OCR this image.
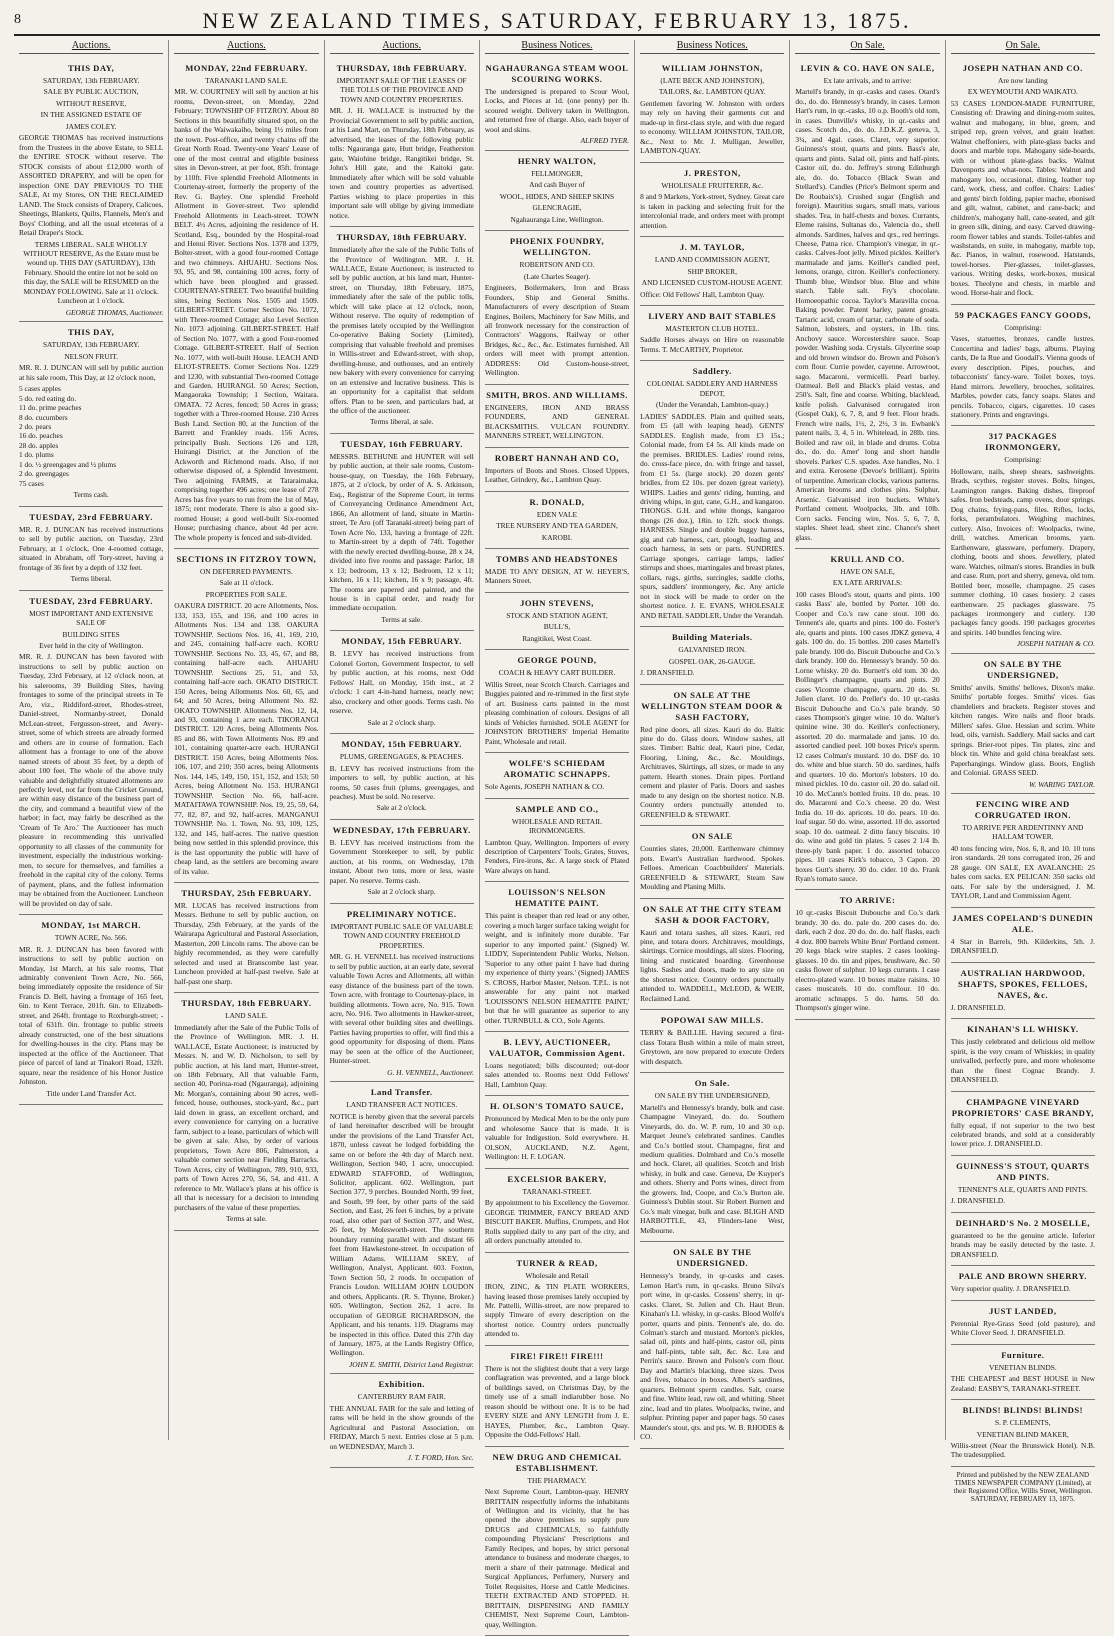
8	NEW ZEALAND TIMES, SATURDAY, FEBRUARY 13, 1875.
Auctions.
THIS DAY,
SATURDAY, 13th FEBRUARY.
SALE BY PUBLIC AUCTION,
WITHOUT RESERVE,
IN THE ASSIGNED ESTATE OF
JAMES COLEY.

GEORGE THOMAS has received instructions from the Trustees in the above Estate, to SELL the ENTIRE STOCK without reserve. The STOCK consists of about £12,000 worth of ASSORTED DRAPERY, and will be open for inspection ONE DAY PREVIOUS TO THE SALE, At my Stores, ON THE RECLAIMED LAND. The Stock consists of Drapery, Calicoes, Sheetings, Blankets, Quilts, Flannels, Men's and Boys' Clothing, and all the usual etceteras of a Retail Draper's Stock.

TERMS LIBERAL. SALE WHOLLY WITHOUT RESERVE, As the Estate must be wound up. THIS DAY (SATURDAY), 13th February. Should the entire lot not be sold on this day, the SALE will be RESUMED on the MONDAY FOLLOWING. Sale at 11 o'clock. Luncheon at 1 o'clock.

GEORGE THOMAS, Auctioneer.
THIS DAY,
SATURDAY, 13th FEBRUARY.
NELSON FRUIT.

MR. R. J. DUNCAN will sell by public auction at his sale room, This Day, at 12 o'clock noon,

5 cases apples
5 do. red eating do.
11 do. prime peaches
8 do. cucumbers
2 do. pears
16 do. peaches
28 do. apples
1 do. plums
1 do. ½ greengages and ½ plums
2 do. greengages
75 cases

Terms cash.

TUESDAY, 23rd FEBRUARY.

MR. R. J. DUNCAN has received instructions to sell by public auction, on Tuesday, 23rd February, at 1 o'clock, One 4-roomed cottage, situated in Abraham, off Tory-street, having a frontage of 36 feet by a depth of 132 feet.

Terms liberal.

TUESDAY, 23rd FEBRUARY.
MOST IMPORTANT AND EXTENSIVE SALE OF
BUILDING SITES
Ever held in the city of Wellington.

MR. R. J. DUNCAN has been favored with instructions to sell by public auction on Tuesday, 23rd February, at 12 o'clock noon, at his salerooms, 39 Building Sites, having frontages to some of the principal streets in Te Aro, viz., Riddiford-street, Rhodes-street, Daniel-street, Normanby-street, Donald McLean-street, Fergusson-street, and Avery-street, some of which streets are already formed and others are in course of formation. Each allotment has a frontage to one of the above named streets of about 35 feet, by a depth of about 100 feet. The whole of the above truly valuable and delightfully situated allotments are perfectly level, not far from the Cricket Ground, are within easy distance of the business part of the city, and command a beautiful view of the harbor; in fact, may fairly be described as the 'Cream of Te Aro.' The Auctioneer has much pleasure in recommending this unrivalled opportunity to all classes of the community for investment, especially the industrious working-men, to secure for themselves, and families a freehold in the capital city of the colony. Terms of payment, plans, and the fullest information may be obtained from the Auctioneer. Luncheon will be provided on day of sale.

MONDAY, 1st MARCH.
TOWN ACRE, No. 566.

MR. R. J. DUNCAN has been favored with instructions to sell by public auction on Monday, 1st March, at his sale rooms, That admirably convenient Town Acre, No. 566, being immediately opposite the residence of Sir Francis D. Bell, having a frontage of 165 feet, 6in. to Kent Terrace, 201ft. 6in. to Elizabeth-street, and 264ft. frontage to Roxburgh-street; - total of 631ft. 0in. frontage to public streets already constructed, one of the best situations for dwelling-houses in the city. Plans may be inspected at the office of the Auctioneer. That piece of parcel of land at Tinakori Road, 132ft. square, near the residence of his Honor Justice Johnston.

Title under Land Transfer Act.

Auctions.
MONDAY, 22nd FEBRUARY.
TARANAKI LAND SALE.

MR. W. COURTNEY will sell by auction at his rooms, Devon-street, on Monday, 22nd February: TOWNSHIP OF FITZROY. About 80 Sections in this beautifully situated spot, on the banks of the Waiwakaiho, being 1½ miles from the town. Post-office, and twenty chains off the Great North Road. Twenty-one Years' Lease of one of the most central and eligible business sites in Devon-street, at per foot, 85ft. frontage by 110ft. Five splendid Freehold Allotments in Courtenay-street, formerly the property of the Rev. G. Bayley. One splendid Freehold Allotment in Gover-street. Two splendid Freehold Allotments in Leach-street. TOWN BELT. 4½ Acres, adjoining the residence of H. Scotland, Esq., bounded by the Hospital-road and Henui River. Sections Nos. 1378 and 1379, Bolter-street, with a good four-roomed Cottage and two chimneys. AHUAHU. Sections Nos. 93, 95, and 98, containing 100 acres, forty of which have been ploughed and grassed. COURTENAY-STREET. Two beautiful building sites, being Sections Nos. 1505 and 1509. GILBERT-STREET. Corner Section No. 1072, with Three-roomed Cottage; also Level Section No. 1073 adjoining. GILBERT-STREET. Half of Section No. 1077, with a good Four-roomed Cottage. GILBERT-STREET. Half of Section No. 1077, with well-built House. LEACH AND ELIOT-STREETS. Corner Sections Nos. 1229 and 1230, with substantial Two-roomed Cottage and Garden. HUIRANGI. 50 Acres; Section, Mangaoraka Township; 1 Section, Waitara. OMATA. 72 Acres, fenced; 50 Acres in grass; together with a Three-roomed House. 210 Acres Bush Land. Section 80, at the Junction of the Barrett and Frankley roads. 156 Acres, principally Bush. Sections 126 and 128, Huirangi District, at the Junction of the Ackworth and Richmond roads. Also, if not otherwise disposed of, a Splendid Investment. Two adjoining FARMS, at Tataraimaka, comprising together 496 acres; one lease of 278 Acres has five years to run from the 1st of May, 1875; rent moderate. There is also a good six-roomed House; a good well-built Six-roomed House; purchasing chance, about 4d per acre. The whole property is fenced and sub-divided.

SECTIONS IN FITZROY TOWN,
ON DEFERRED PAYMENTS.
Sale at 11 o'clock.
PROPERTIES FOR SALE.

OAKURA DISTRICT. 20 acre Allotments, Nos. 133, 153, 155, and 156, and 100 acres in Allotments Nos. 134 and 138. OAKURA TOWNSHIP. Sections Nos. 16, 41, 169, 210, and 245, containing half-acre each. KORU TOWNSHIP. Sections No. 33, 45, 67, and 88, containing half-acre each. AHUAHU TOWNSHIP. Sections 25, 51, and 53, containing half-acre each. OKATO DISTRICT. 150 Acres, being Allotments Nos. 60, 65, and 64; and 50 Acres, being Allotment No. 82. OKATO TOWNSHIP. Allotments Nos. 12, 14, and 93, containing 1 acre each. TIKORANGI DISTRICT. 120 Acres, being Allotments Nos. 85 and 86, with Town Allotments Nos. 89 and 101, containing quarter-acre each. HURANGI DISTRICT. 150 Acres, being Allotments Nos. 106, 107, and 210; 350 acres, being Allotments Nos. 144, 145, 149, 150, 151, 152, and 153; 50 Acres, being Allotment No. 153. HURANGI TOWNSHIP. Section No. 66, half-acre. MATAITAWA TOWNSHIP. Nos. 19, 25, 59, 64, 77, 82, 87, and 92, half-acres. MANGANUI TOWNSHIP. No. 1. Town, No. 93, 109, 125, 132, and 145, half-acres. The native question being now settled in this splendid province, this is the last opportunity the public will have of cheap land, as the settlers are becoming aware of its value.

THURSDAY, 25th FEBRUARY.

MR. LUCAS has received instructions from Messrs. Bethune to sell by public auction, on Thursday, 25th February, at the yards of the Wairarapa Agricultural and Pastoral Association, Masterton, 200 Lincoln rams. The above can be highly recommended, as they were carefully selected and used at Branscombe last year. Luncheon provided at half-past twelve. Sale at half-past one sharp.

THURSDAY, 18th FEBRUARY.
LAND SALE.

Immediately after the Sale of the Public Tolls of the Province of Wellington. MR. J. H. WALLACE, Estate Auctioneer, is instructed by Messrs. N. and W. D. Nicholson, to sell by public auction, at his land mart, Hunter-street, on 18th February, All that valuable Farm, section 40, Porirua-road (Ngauranga), adjoining Mr. Morgan's, containing about 90 acres, well-fenced, house, outhouses, stock-yard, &c., part laid down in grass, an excellent orchard, and every convenience for carrying on a lucrative farm, subject to a lease, particulars of which will be given at sale. Also, by order of various proprietors, Town Acre 806, Palmerston, a valuable corner section near Fielding Barracks. Town Acres, city of Wellington, 789, 910, 933, parts of Town Acres 270, 56, 54, and 411. A reference to Mr. Wallace's plans at his office is all that is necessary for a decision to intending purchasers of the value of these properties.

Terms at sale.

Auctions.
THURSDAY, 18th FEBRUARY.
IMPORTANT SALE OF THE LEASES OF THE TOLLS OF THE PROVINCE AND TOWN AND COUNTRY PROPERTIES.

MR. J. H. WALLACE is instructed by the Provincial Government to sell by public auction, at his Land Mart, on Thursday, 18th February, as advertised, the leases of the following public tolls: Ngauranga gate, Hutt bridge, Featherston gate, Waiohine bridge, Rangitikei bridge, St. John's Hill gate, and the Kaitoki gate. Immediately after which will be sold valuable town and country properties as advertised. Parties wishing to place properties in this important sale will oblige by giving immediate notice.

THURSDAY, 18th FEBRUARY.

Immediately after the sale of the Public Tolls of the Province of Wellington. MR. J. H. WALLACE, Estate Auctioneer, is instructed to sell by public auction, at his land mart, Hunter-street, on Thursday, 18th February, 1875, immediately after the sale of the public tolls, which will take place at 12 o'clock, noon, Without reserve. The equity of redemption of the premises lately occupied by the Wellington Co-operative Baking Society (Limited), comprising that valuable freehold and premises in Willis-street and Edward-street, with shop, dwelling-house, and outhouses, and an entirely new bakery with every convenience for carrying on an extensive and lucrative business. This is an opportunity for a capitalist that seldom offers. Plan to be seen, and particulars had, at the office of the auctioneer.

Terms liberal, at sale.

TUESDAY, 16th FEBRUARY.

MESSRS. BETHUNE and HUNTER will sell by public auction, at their sale rooms, Custom-house-quay, on Tuesday, the 16th February, 1875, at 2 o'clock, by order of A. S. Atkinson, Esq., Registrar of the Supreme Court, in terms of Conveyancing Ordinance Amendment Act, 1866, An allotment of land, situate in Martin-street, Te Aro (off Taranaki-street) being part of Town Acre No. 133, having a frontage of 22ft. to Martin-street by a depth of 74ft. Together with the newly erected dwelling-house, 28 x 24, divided into five rooms and passage: Parlor, 18 x 13; bedroom, 13 x 12; Bedroom, 12 x 11; kitchen, 16 x 11; kitchen, 16 x 9; passage, 4ft. The rooms are papered and painted, and the house is in capital order, and ready for immediate occupation.

Terms at sale.

MONDAY, 15th FEBRUARY.

B. LEVY has received instructions from Colonel Gorton, Government Inspector, to sell by public auction, at his rooms, next Odd Fellows' Hall, on Monday, 15th inst., at 2 o'clock: 1 cart 4-in-hand harness, nearly new; also, crockery and other goods. Terms cash. No reserve.

Sale at 2 o'clock sharp.

MONDAY, 15th FEBRUARY.
PLUMS, GREENGAGES, & PEACHES.

B. LEVY has received instructions from the importers to sell, by public auction, at his rooms, 50 cases fruit (plums, greengages, and peaches). Must be sold. No reserve.

Sale at 2 o'clock.

WEDNESDAY, 17th FEBRUARY.

B. LEVY has received instructions from the Government Storekeeper to sell, by public auction, at his rooms, on Wednesday, 17th instant, About two tons, more or less, waste paper. No reserve. Terms cash.

Sale at 2 o'clock sharp.

PRELIMINARY NOTICE.
IMPORTANT PUBLIC SALE OF VALUABLE TOWN AND COUNTRY FREEHOLD PROPERTIES.

MR. G. H. VENNELL has received instructions to sell by public auction, at an early date, several valuable Town Acres and Allotments, all within easy distance of the business part of the town. Town acre, with frontage to Courtenay-place, in building allotments. Town acre, No. 915. Town acre, No. 916. Two allotments in Hawker-street, with several other building sites and dwellings. Parties having properties to offer, will find this a good opportunity for disposing of them. Plans may be seen at the office of the Auctioneer, Hunter-street.

G. H. VENNELL, Auctioneer.
Land Transfer.
LAND TRANSFER ACT NOTICES.

NOTICE is hereby given that the several parcels of land hereinafter described will be brought under the provisions of the Land Transfer Act, 1870, unless caveat be lodged forbidding the same on or before the 4th day of March next. Wellington, Section 940, 1 acre, unoccupied. EDWARD STAFFORD, of Wellington, Solicitor, applicant. 602. Wellington, part Section 377, 9 perches. Bounded North, 99 feet, and South, 99 feet, by other parts of the said Section, and East, 26 feet 6 inches, by a private road, also other part of Section 377, and West, 26 feet, by Molesworth-street. The southern boundary running parallel with and distant 66 feet from Hawkestone-street. In occupation of William Adams. WILLIAM SKEY, of Wellington, Analyst, Applicant. 603. Foxton, Town Section 50, 2 roods. In occupation of Francis Loudon. WILLIAM JOHN LOUDON and others, Applicants. (R. S. Thynne, Broker.) 605. Wellington, Section 262, 1 acre. In occupation of GEORGE RICHARDSON, the Applicant, and his tenants. 119. Diagrams may be inspected in this office. Dated this 27th day of January, 1875, at the Lands Registry Office, Wellington.

JOHN E. SMITH, District Land Registrar.
Exhibition.
CANTERBURY RAM FAIR.

THE ANNUAL FAIR for the sale and letting of rams will be held in the show grounds of the Agricultural and Pastoral Association, on FRIDAY, March 5 next. Entries close at 5 p.m. on WEDNESDAY, March 3.

J. T. FORD, Hon. Sec.
Business Notices.
NGAHAURANGA STEAM WOOL SCOURING WORKS.

The undersigned is prepared to Scour Wool, Locks, and Pieces at 1d. (one penny) per lb. scoured weight. Delivery taken in Wellington, and returned free of charge. Also, each buyer of wool and skins.

ALFRED TYER.
HENRY WALTON,
FELLMONGER,
And cash Buyer of
WOOL, HIDES, AND SHEEP SKINS
GLENCRAGIE,
Ngahauranga Line, Wellington.
PHOENIX FOUNDRY, WELLINGTON.
ROBERTSON AND CO.
(Late Charles Seager).

Engineers, Boilermakers, Iron and Brass Founders, Ship and General Smiths. Manufacturers of every description of Steam Engines, Boilers, Machinery for Saw Mills, and all Ironwork necessary for the construction of Contractors' Waggons, Railway or other Bridges, &c., &c., &c. Estimates furnished. All orders will meet with prompt attention. ADDRESS: Old Custom-house-street, Wellington.

SMITH, BROS. AND WILLIAMS.

ENGINEERS, IRON AND BRASS FOUNDERS, AND GENERAL BLACKSMITHS. VULCAN FOUNDRY. MANNERS STREET, WELLINGTON.

ROBERT HANNAH AND CO,

Importers of Boots and Shoes. Closed Uppers, Leather, Grindery, &c., Lambton Quay.

R. DONALD,
EDEN VALE
TREE NURSERY AND TEA GARDEN,
KAROBI.
TOMBS AND HEADSTONES

MADE TO ANY DESIGN, AT W. HEYER'S, Manners Street.

JOHN STEVENS,
STOCK AND STATION AGENT,
BULL'S,
Rangitikei, West Coast.
GEORGE POUND,
COACH & HEAVY CART BUILDER.

Willis Street, near Scotch Church. Carriages and Buggies painted and re-trimmed in the first style of art. Business carts painted in the most pleasing combination of colours. Designs of all kinds of Vehicles furnished. SOLE AGENT for JOHNSTON BROTHERS' Imperial Hematite Paint, Wholesale and retail.

WOLFE'S SCHIEDAM AROMATIC SCHNAPPS.

Sole Agents, JOSEPH NATHAN & CO.

SAMPLE AND CO.,
WHOLESALE AND RETAIL IRONMONGERS.

Lambton Quay, Wellington. Importers of every description of Carpenters' Tools, Grates, Stoves, Fenders, Fire-irons, &c. A large stock of Plated Ware always on hand.

LOUISSON'S NELSON HEMATITE PAINT.

This paint is cheaper than red lead or any other, covering a much larger surface taking weight for weight, and is infinitely more durable. 'Far superior to any imported paint.' (Signed) W. LIDDY, Superintendent Public Works, Nelson. 'Superior to any other paint I have had during my experience of thirty years.' (Signed) JAMES S. CROSS, Harbor Master, Nelson. T.P.L. is not answerable for any paint not marked 'LOUISSON'S NELSON HEMATITE PAINT,' but that he will guarantee as superior to any other. TURNBULL & CO., Sole Agents.

B. LEVY, AUCTIONEER, VALUATOR, Commission Agent.

Loans negotiated; bills discounted; out-door sales attended to. Rooms next Odd Fellows' Hall, Lambton Quay.

H. OLSON'S TOMATO SAUCE,

Pronounced by Medical Men to be the only pure and wholesome Sauce that is made. It is valuable for Indigestion. Sold everywhere. H. OLSON, AUCKLAND, N.Z. Agent, Wellington: H. F. LOGAN.

EXCELSIOR BAKERY,
TARANAKI-STREET.

By appointment to his Excellency the Governor. GEORGE TRIMMER, FANCY BREAD AND BISCUIT BAKER. Muffins, Crumpets, and Hot Rolls supplied daily to any part of the city, and all orders punctually attended to.

TURNER & READ,
Wholesale and Retail

IRON, ZINC, & TIN PLATE WORKERS, having leased those premises lately occupied by Mr. Pattelli, Willis-street, are now prepared to supply Tinware of every description on the shortest notice. Country orders punctually attended to.

FIRE! FIRE!! FIRE!!!

There is not the slightest doubt that a very large conflagration was prevented, and a large block of buildings saved, on Christmas Day, by the timely use of a small indiarubber hose. No reason should be without one. It is to be had EVERY SIZE and ANY LENGTH from J. E. HAYES, Plumber, &c., Lambton Quay. Opposite the Odd-Fellows' Hall.

NEW DRUG AND CHEMICAL ESTABLISHMENT.
THE PHARMACY.

Next Supreme Court, Lambton-quay. HENRY BRITTAIN respectfully informs the inhabitants of Wellington and its vicinity, that he has opened the above premises to supply pure DRUGS and CHEMICALS, to faithfully compounding Physicians' Prescriptions and Family Recipes, and hopes, by strict personal attendance to business and moderate charges, to merit a share of their patronage. Medical and Surgical Appliances, Perfumery, Nursery and Toilet Requisites, Horse and Cattle Medicines. TEETH EXTRACTED AND STOPPED. H. BRITTAIN, DISPENSING AND FAMILY CHEMIST, Next Supreme Court, Lambton-quay, Wellington.

Business Notices.
WILLIAM JOHNSTON,
(LATE BECK AND JOHNSTON),
TAILORS, &c. LAMBTON QUAY.

Gentlemen favoring W. Johnston with orders may rely on having their garments cut and made-up in first-class style, and with due regard to economy. WILLIAM JOHNSTON, TAILOR, &c., Next to Mr. J. Mulligan, Jeweller, LAMBTON-QUAY.

J. PRESTON,
WHOLESALE FRUITERER, &c.

8 and 9 Markets, York-street, Sydney. Great care is taken in packing and selecting fruit for the intercolonial trade, and orders meet with prompt attention.

J. M. TAYLOR,
LAND AND COMMISSION AGENT,
SHIP BROKER,
AND LICENSED CUSTOM-HOUSE AGENT.

Office: Old Fellows' Hall, Lambton Quay.

LIVERY AND BAIT STABLES
MASTERTON CLUB HOTEL.

Saddle Horses always on Hire on reasonable Terms. T. McCARTHY, Proprietor.

Saddlery.
COLONIAL SADDLERY AND HARNESS DEPOT,
(Under the Verandah, Lambton-quay.)

LADIES' SADDLES. Plain and quilted seats, from £5 (all with leaping head). GENTS' SADDLES. English made, from £3 15s.; Colonial made, from £4 5s. All kinds made on the premises. BRIDLES. Ladies' round reins, do. cross-face piece, do. with fringe and tassel, from £1 5s. (large stock). 20 dozen gents' bridles, from £2 10s. per dozen (great variety). WHIPS. Ladies and gents' riding, hunting, and driving whips, in gut, cane, G.H., and kangaroo. THONGS. G.H. and white thongs, kangaroo thongs (26 doz.), 18in. to 12ft. stock thongs. HARNESS. Single and double buggy harness, gig and cab harness, cart, plough, leading and coach harness, in sets or parts. SUNDRIES. Carriage sponges, carriage lamps, ladies' stirrups and shoes, martingales and breast plates, collars, rugs, girths, surcingles, saddle cloths, spurs, saddlers' ironmongery, &c. Any article not in stock will be made to order on the shortest notice. J. E. EVANS, WHOLESALE AND RETAIL SADDLER, Under the Verandah.

Building Materials.
GALVANISED IRON.
GOSPEL OAK, 26-GAUGE.

J. DRANSFIELD.

ON SALE AT THE WELLINGTON STEAM DOOR & SASH FACTORY,

Red pine doors, all sizes. Kauri do do. Baltic pine do do. Glass doors. Window sashes, all sizes. Timber: Baltic deal, Kauri pine, Cedar, Flooring, Lining, &c., &c. Mouldings, Architraves, Skirtings, all sizes, or made to any pattern. Hearth stones. Drain pipes. Portland cement and plaster of Paris. Doors and sashes made to any design on the shortest notice. N.B. Country orders punctually attended to. GREENFIELD & STEWART.

ON SALE

Counties slates, 20,000. Earthenware chimney pots. Ewart's Australian hardwood. Spokes. Felloes. American Coachbuilders' Materials. GREENFIELD & STEWART, Steam Saw Moulding and Planing Mills.

ON SALE AT THE CITY STEAM SASH & DOOR FACTORY,

Kauri and totara sashes, all sizes. Kauri, red pine, and totara doors. Architraves, mouldings, skirtings. Cornice mouldings, all sizes. Flooring, lining and rusticated boarding. Greenhouse lights. Sashes and doors, made to any size on the shortest notice. Country orders punctually attended to. WADDELL, McLEOD, & WEIR, Reclaimed Land.

POPOWAI SAW MILLS.

TERRY & BAILLIE. Having secured a first-class Totara Bush within a mile of main street, Greytown, are now prepared to execute Orders with despatch.

On Sale.
ON SALE BY THE UNDERSIGNED,

Martell's and Hennessy's brandy, bulk and case. Champagne Vineyard, do. do. Southern Vineyards, do. do. W. P. rum, 10 and 30 o.p. Marquet Jeune's celebrated sardines. Candles and Co.'s bottled stout. Champagne, first and medium qualities. Dolmhard and Co.'s moselle and hock. Claret, all qualities. Scotch and Irish whisky, in bulk and case. Geneva, De Kuyper's and others. Sherry and Ports wines, direct from the growers. Ind, Coope, and Co.'s Burton ale. Guinness's Dublin stout. Sir Robert Burnett and Co.'s malt vinegar, bulk and case. BLIGH AND HARBOTTLE, 43, Flinders-lane West, Melbourne.

ON SALE BY THE UNDERSIGNED.

Hennessy's brandy, in qr-casks and cases. Lemon Hart's rum, in qr-casks. Bruno Silva's port wine, in qr-casks. Cossens' sherry, in qr-casks. Claret, St. Julien and Ch. Haut Brun. Kinahan's LL whisky, in qr-casks. Blood Wolfe's porter, quarts and pints. Tennent's ale, do. do. Colman's starch and mustard. Morton's pickles, salad oil, pints and half-pints, castor oil, pints and half-pints, table salt, &c. &c. Lea and Perrin's sauce. Brown and Polson's corn flour. Day and Martin's blacking, three sizes. Twos and fives, tobacco in boxes. Albert's sardines, quarters. Belmont sperm candles. Salt, coarse and fine. White lead, raw oil, and whiting. Sheet zinc, lead and tin plates. Woolpacks, twine, and sulphur. Printing paper and paper bags. 50 cases Maunder's stout, qts. and pts. W. B. RHODES & CO.

On Sale.
LEVIN & CO. HAVE ON SALE,
Ex late arrivals, and to arrive:

Martell's brandy, in qr.-casks and cases. Otard's do., do. do. Hennessy's brandy, in cases. Lemon Hart's rum, in qr.-casks, 10 o.p. Booth's old tom, in cases. Dunville's whisky, in qr.-casks and cases. Scotch do., do. do. J.D.K.Z. geneva, 3, 3¼, and 4gal. cases. Claret, very superior. Guinness's stout, quarts and pints. Bass's ale, quarts and pints. Salad oil, pints and half-pints. Castor oil, do. do. Jeffrey's strong Edinburgh ale, do. do. Tobacco (Black Swan and Stellard's). Candles (Price's Belmont sperm and De Roubaix's). Crushed sugar (English and foreign). Mauritius sugars, small mats, various shades. Tea, in half-chests and boxes. Currants, Eleme raisins, Sultanas do., Valencia do., shell almonds. Sardines, halves and qrs., red herrings. Cheese, Patna rice. Champion's vinegar, in qr.-casks. Calves-foot jelly. Mixed pickles. Keiller's marmalade and jams. Keiller's candied peel, lemons, orange, citron. Keiller's confectionery. Thumb blue, Windsor blue. Blue and white starch. Table salt. Fry's chocolate. Homoeopathic cocoa. Taylor's Maravilla cocoa. Baking powder. Patent barley, patent groats. Tartaric acid, cream of tartar, carbonate of soda. Salmon, lobsters, and oysters, in 1lb. tins. Anchovy sauce. Worcestershire sauce. Soap powder. Washing soda. Crystals. Glycerine soap and old brown windsor do. Brown and Polson's corn flour. Currie powder, cayenne. Arrowroot, sago. Macaroni, vermicelli. Pearl barley. Oatmeal. Bell and Black's plaid vestas, and 250's. Salt, fine and coarse. Whiting, blacklead, knife polish. Galvanised corrugated iron (Gospel Oak), 6, 7, 8, and 9 feet. Floor brads. French wire nails, 1½, 2, 2½, 3 in. Ewbank's patent nails, 3, 4, 5 in. Whitelead, in 28lb. tins. Boiled and raw oil, in blade and drums. Colza do., do. do. Amer' long and short handle shovels. Parkes' C.S. spades. Axe handles, No. 1 and extra. Kerosene (Devoe's brilliant). Spirits of turpentine. American clocks, various patterns. American brooms and clothes pins. Sulphur, Arsenic. Galvanised iron buckets. White's Portland cement. Woolpacks, 3lb. and 10lb. Corn sacks. Fencing wire, Nos. 5, 6, 7, 8, staples. Sheet lead, sheet zinc. Chance's sheet glass.

KRULL AND CO.
HAVE ON SALE,
EX LATE ARRIVALS:

100 cases Blood's stout, quarts and pints. 100 casks Bass' ale, bottled by Porter. 100 do. Cooper and Co.'s raw cane stout. 100 do. Tennent's ale, quarts and pints. 100 do. Foster's ale, quarts and pints. 100 cases JDKZ geneva, 4 gals. 100 do. do. 15 bottles. 200 cases Martell's pale brandy. 100 do. Biscuit Dubouche and Co.'s dark brandy. 100 do. Hennessy's brandy. 50 do. Lorne whisky. 20 do. Burnett's old tom. 30 do. Bollinger's champagne, quarts and pints. 20 cases Vicomte champagne, quarts. 20 do. St. Julien claret. 10 do. Preller's do. 10 qr.-casks Biscuit Dubouche and Co.'s pale brandy. 50 cases Thompson's ginger wine. 10 do. Walter's quinine wine. 30 do. Keiller's confectionery, assorted. 20 do. marmalade and jams. 10 do. assorted candied peel. 100 boxes Price's sperm. 12 cases Colman's mustard. 10 do. DSF do. 10 do. white and blue starch. 50 do. sardines, halfs and quarters. 10 do. Morton's lobsters. 10 do. mixed pickles. 10 do. castor oil. 20 do. salad oil. 10 do. McCann's bottled fruits. 10 do. peas. 10 do. Macaroni and Co.'s cheese. 20 do. West India do. 10 do. apricots. 10 do. pears. 10 do. loaf sugar. 50 do. wine, assorted. 10 do. assorted soap. 10 do. oatmeal. 2 ditto fancy biscuits. 10 do. wine and gold tin plates. 5 cases 2 1/4 lb. three-ply bank paper. 1 do. assorted tobacco pipes. 10 cases Kirk's tobacco, 3 Capon. 20 boxes Gutt's sherry. 30 do. cider. 10 do. Frank Ryan's tomato sauce.

TO ARRIVE:

10 qr.-casks Biscuit Dubouche and Co.'s dark brandy. 30 do. do. pale do. 200 cases do. do. dark, each 2 doz. 20 do. do. do. half flasks, each 4 doz. 800 barrels White Brun' Portland cement. 20 kegs black wire staples. 2 cases looking-glasses. 10 do. tin and pipes, brushware, &c. 50 casks flower of sulphur. 10 kegs currants. 1 case electro-plated ware. 10 boxes maize raisins. 10 cases muscatels. 10 do. cornflour. 10 do. aromatic schnapps. 5 do. hams. 50 do. Thompson's ginger wine.

On Sale.
JOSEPH NATHAN AND CO.
Are now landing
EX WEYMOUTH AND WAIKATO.

53 CASES LONDON-MADE FURNITURE, Consisting of: Drawing and dining-room suites, walnut and mahogany, in blue, green, and striped rep, green velvet, and grain leather. Walnut cheffoniers, with plate-glass backs and doors and marble tops. Mahogany side-boards, with or without plate-glass backs. Walnut Davenports and what-nots. Tables: Walnut and mahogany loo, occasional, dining, leather top card, work, chess, and coffee. Chairs: Ladies' and gents' birch folding, papier mache, ebonised and gilt, walnut, cabinet, and cane-back; and children's, mahogany hall, cane-seated, and gilt in green silk, dining, and easy. Carved drawing-room flower tables and stands. Toilet-tables and washstands, en suite, in mahogany, marble top, &c. Pianos, in walnut, rosewood. Hatstands, towel-horses. Pier-glasses, toilet-glasses, various. Writing desks, work-boxes, musical boxes. Theolyne and chests, in marble and wood. Horse-hair and flock.

59 PACKAGES FANCY GOODS,
Comprising:

Vases, statuettes, bronzes, candle lustres. Concertina and ladies' bags, albums. Playing cards, De la Rue and Goodall's. Vienna goods of every description. Pipes, pouches, and tobacconists' fancy-ware. Toilet boxes, toys. Hand mirrors. Jewellery, brooches, solitaires. Marbles, powder cats, fancy soaps. Slates and pencils. Tobacco, cigars, cigarettes. 10 cases stationery. Prints and engravings.

317 PACKAGES IRONMONGERY,
Comprising:

Holloware, nails, sheep shears, sashweights. Brads, scythes, register stoves. Bolts, hinges, Leamington ranges. Baking dishes, fireproof safes. Iron bedsteads, camp ovens, door springs. Dog chains, frying-pans, files. Rifles, locks, forks, perambulators. Weighing machines, cutlery. Also, Invoices of: Woolpacks, twine, drill, watches. American brooms, yarn. Earthenware, glassware, perfumery. Drapery, clothing, boots and shoes. Jewellery, plated ware. Watches, oilman's stores. Brandies in bulk and case. Rum, port and sherry, geneva, old tom. Bottled beer, moselle, champagne. 25 cases summer clothing. 10 cases hosiery. 2 cases earthenware. 25 packages glassware. 75 packages ironmongery and cutlery. 130 packages fancy goods. 190 packages groceries and spirits. 140 bundles fencing wire.

JOSEPH NATHAN & CO.
ON SALE BY THE UNDERSIGNED,

Smiths' anvils. Smiths' bellows, Dixon's make. Smiths' portable forges. Smiths' vices. Gas chandeliers and brackets. Register stoves and kitchen ranges. Wire nails and floor brads. Millers' safes. Glue. Hessian and scrim. White lead, oils, varnish. Saddlery. Mail sacks and cart springs. Brier-root pipes. Tin plates, zinc and block tin. White and gold china breakfast sets. Paperhangings. Window glass. Boots, English and Colonial. GRASS SEED.

W. WARING TAYLOR.
FENCING WIRE AND CORRUGATED IRON.
TO ARRIVE PER ARDENTINNY AND HALLAM TOWER.

40 tons fencing wire, Nos. 6, 8, and 10. 10 tons iron standards. 20 tons corrugated iron, 26 and 28 gauge. ON SALE, EX AVALANCHE: 25 bales corn sacks. EX PELICAN: 350 sacks old oats. For sale by the undersigned, J. M. TAYLOR, Land and Commission Agent.

JAMES COPELAND'S DUNEDIN ALE.

4 Star in Barrels, 9th. Kilderkins, 5th. J. DRANSFIELD.

AUSTRALIAN HARDWOOD, SHAFTS, SPOKES, FELLOES, NAVES, &c.

J. DRANSFIELD.

KINAHAN'S LL WHISKY.

This justly celebrated and delicious old mellow spirit, is the very cream of Whiskies; in quality unrivalled, perfectly pure, and more wholesome than the finest Cognac Brandy. J. DRANSFIELD.

CHAMPAGNE VINEYARD PROPRIETORS' CASE BRANDY,

fully equal, if not superior to the two best celebrated brands, and sold at a considerably lower price. J. DRANSFIELD.

GUINNESS'S STOUT, QUARTS AND PINTS.
TENNENT'S ALE, QUARTS AND PINTS.

J. DRANSFIELD.

DEINHARD'S No. 2 MOSELLE,

guaranteed to be the genuine article. Inferior brands may be easily detected by the taste. J. DRANSFIELD.

PALE AND BROWN SHERRY.

Very superior quality. J. DRANSFIELD.

JUST LANDED,

Perennial Rye-Grass Seed (old pasture), and White Clover Seed. J. DRANSFIELD.

Furniture.
VENETIAN BLINDS.

THE CHEAPEST and BEST HOUSE in New Zealand: EASBY'S, TARANAKI-STREET.

BLINDS! BLINDS! BLINDS!
S. P. CLEMENTS,
VENETIAN BLIND MAKER,

Willis-street (Near the Brunswick Hotel). N.B. The tradesupplied.

Printed and published by the NEW ZEALAND TIMES NEWSPAPER COMPANY (Limited), at their Registered Office, Willis Street, Wellington. SATURDAY, FEBRUARY 13, 1875.
